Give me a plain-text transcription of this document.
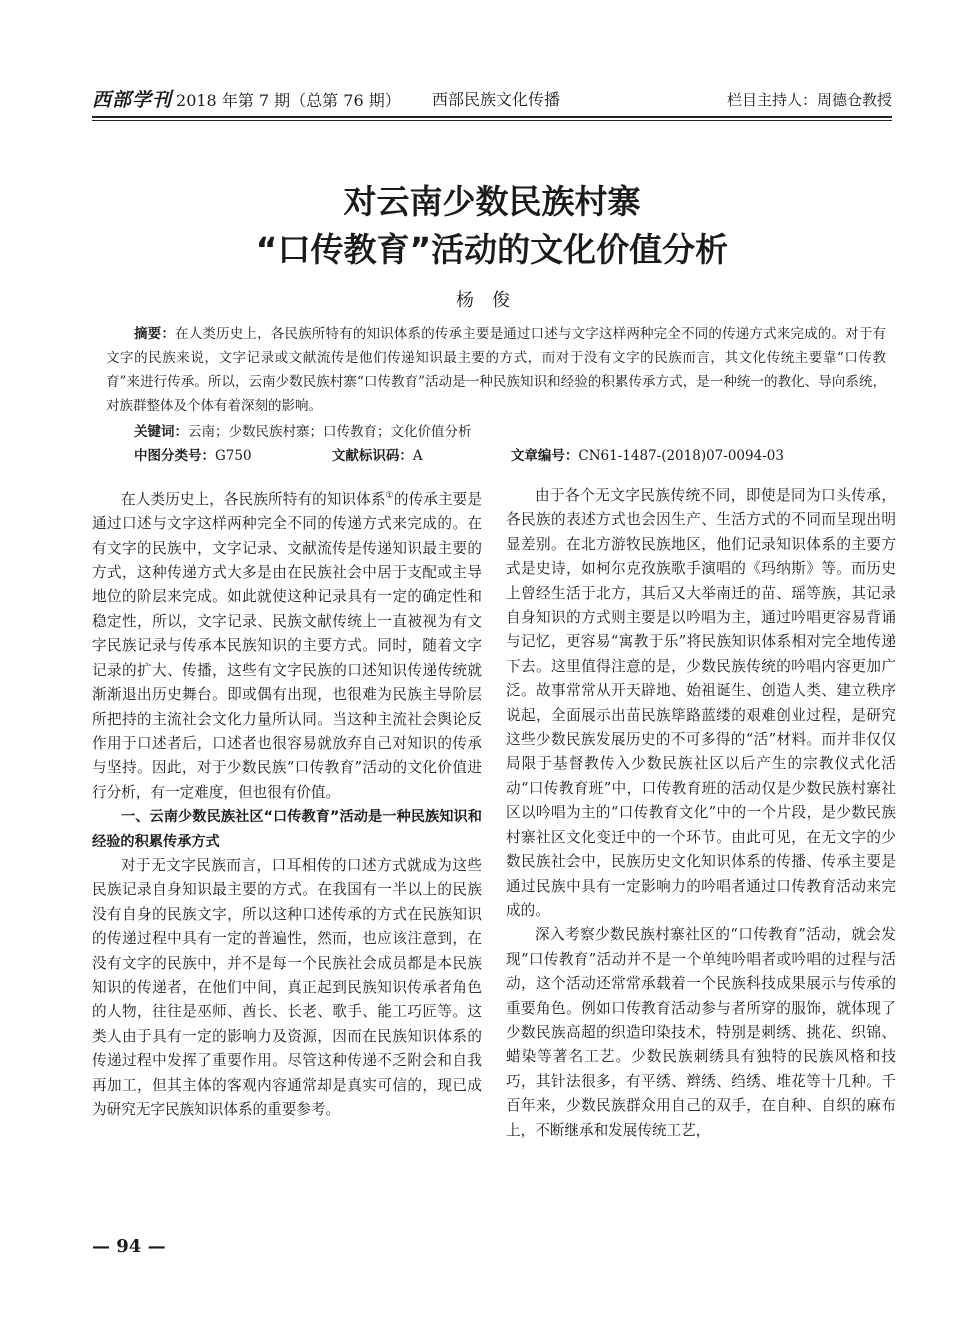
西部学刊 2018 年第 7 期（总第 76 期） 西部民族文化传播	栏目主持人：周德仓教授
对云南少数民族村寨
“口传教育”活动的文化价值分析
杨俊

摘要：在人类历史上，各民族所特有的知识体系的传承主要是通过口述与文字这样两种完全不同的传递方式来完成的。对于有文字的民族来说，文字记录或文献流传是他们传递知识最主要的方式，而对于没有文字的民族而言，其文化传统主要靠“口传教育”来进行传承。所以，云南少数民族村寨“口传教育”活动是一种民族知识和经验的积累传承方式，是一种统一的教化、导向系统，对族群整体及个体有着深刻的影响。

关键词：云南；少数民族村寨；口传教育；文化价值分析
中图分类号：G750	文献标识码：A	文章编号：CN61-1487-(2018)07-0094-03

在人类历史上，各民族所特有的知识体系①的传承主要是通过口述与文字这样两种完全不同的传递方式来完成的。在有文字的民族中，文字记录、文献流传是传递知识最主要的方式，这种传递方式大多是由在民族社会中居于支配或主导地位的阶层来完成。如此就使这种记录具有一定的确定性和稳定性，所以，文字记录、民族文献传统上一直被视为有文字民族记录与传承本民族知识的主要方式。同时，随着文字记录的扩大、传播，这些有文字民族的口述知识传递传统就渐渐退出历史舞台。即或偶有出现，也很难为民族主导阶层所把持的主流社会文化力量所认同。当这种主流社会舆论反作用于口述者后，口述者也很容易就放弃自己对知识的传承与坚持。因此，对于少数民族“口传教育”活动的文化价值进行分析，有一定难度，但也很有价值。

一、云南少数民族社区“口传教育”活动是一种民族知识和经验的积累传承方式

对于无文字民族而言，口耳相传的口述方式就成为这些民族记录自身知识最主要的方式。在我国有一半以上的民族没有自身的民族文字，所以这种口述传承的方式在民族知识的传递过程中具有一定的普遍性，然而，也应该注意到，在没有文字的民族中，并不是每一个民族社会成员都是本民族知识的传递者，在他们中间，真正起到民族知识传承者角色的人物，往往是巫师、酋长、长老、歌手、能工巧匠等。这类人由于具有一定的影响力及资源，因而在民族知识体系的传递过程中发挥了重要作用。尽管这种传递不乏附会和自我再加工，但其主体的客观内容通常却是真实可信的，现已成为研究无字民族知识体系的重要参考。

由于各个无文字民族传统不同，即使是同为口头传承，各民族的表述方式也会因生产、生活方式的不同而呈现出明显差别。在北方游牧民族地区，他们记录知识体系的主要方式是史诗，如柯尔克孜族歌手演唱的《玛纳斯》等。而历史上曾经生活于北方，其后又大举南迁的苗、瑶等族，其记录自身知识的方式则主要是以吟唱为主，通过吟唱更容易背诵与记忆，更容易“寓教于乐”将民族知识体系相对完全地传递下去。这里值得注意的是，少数民族传统的吟唱内容更加广泛。故事常常从开天辟地、始祖诞生、创造人类、建立秩序说起，全面展示出苗民族筚路蓝缕的艰难创业过程，是研究这些少数民族发展历史的不可多得的“活”材料。而并非仅仅局限于基督教传入少数民族社区以后产生的宗教仪式化活动“口传教育班”中，口传教育班的活动仅是少数民族村寨社区以吟唱为主的“口传教育文化”中的一个片段，是少数民族村寨社区文化变迁中的一个环节。由此可见，在无文字的少数民族社会中，民族历史文化知识体系的传播、传承主要是通过民族中具有一定影响力的吟唱者通过口传教育活动来完成的。

深入考察少数民族村寨社区的“口传教育”活动，就会发现“口传教育”活动并不是一个单纯吟唱者或吟唱的过程与活动，这个活动还常常承载着一个民族科技成果展示与传承的重要角色。例如口传教育活动参与者所穿的服饰，就体现了少数民族高超的织造印染技术，特别是刺绣、挑花、织锦、蜡染等著名工艺。少数民族刺绣具有独特的民族风格和技巧，其针法很多，有平绣、辫绣、绉绣、堆花等十几种。千百年来，少数民族群众用自己的双手，在自种、自织的麻布上，不断继承和发展传统工艺，

— 94 —
